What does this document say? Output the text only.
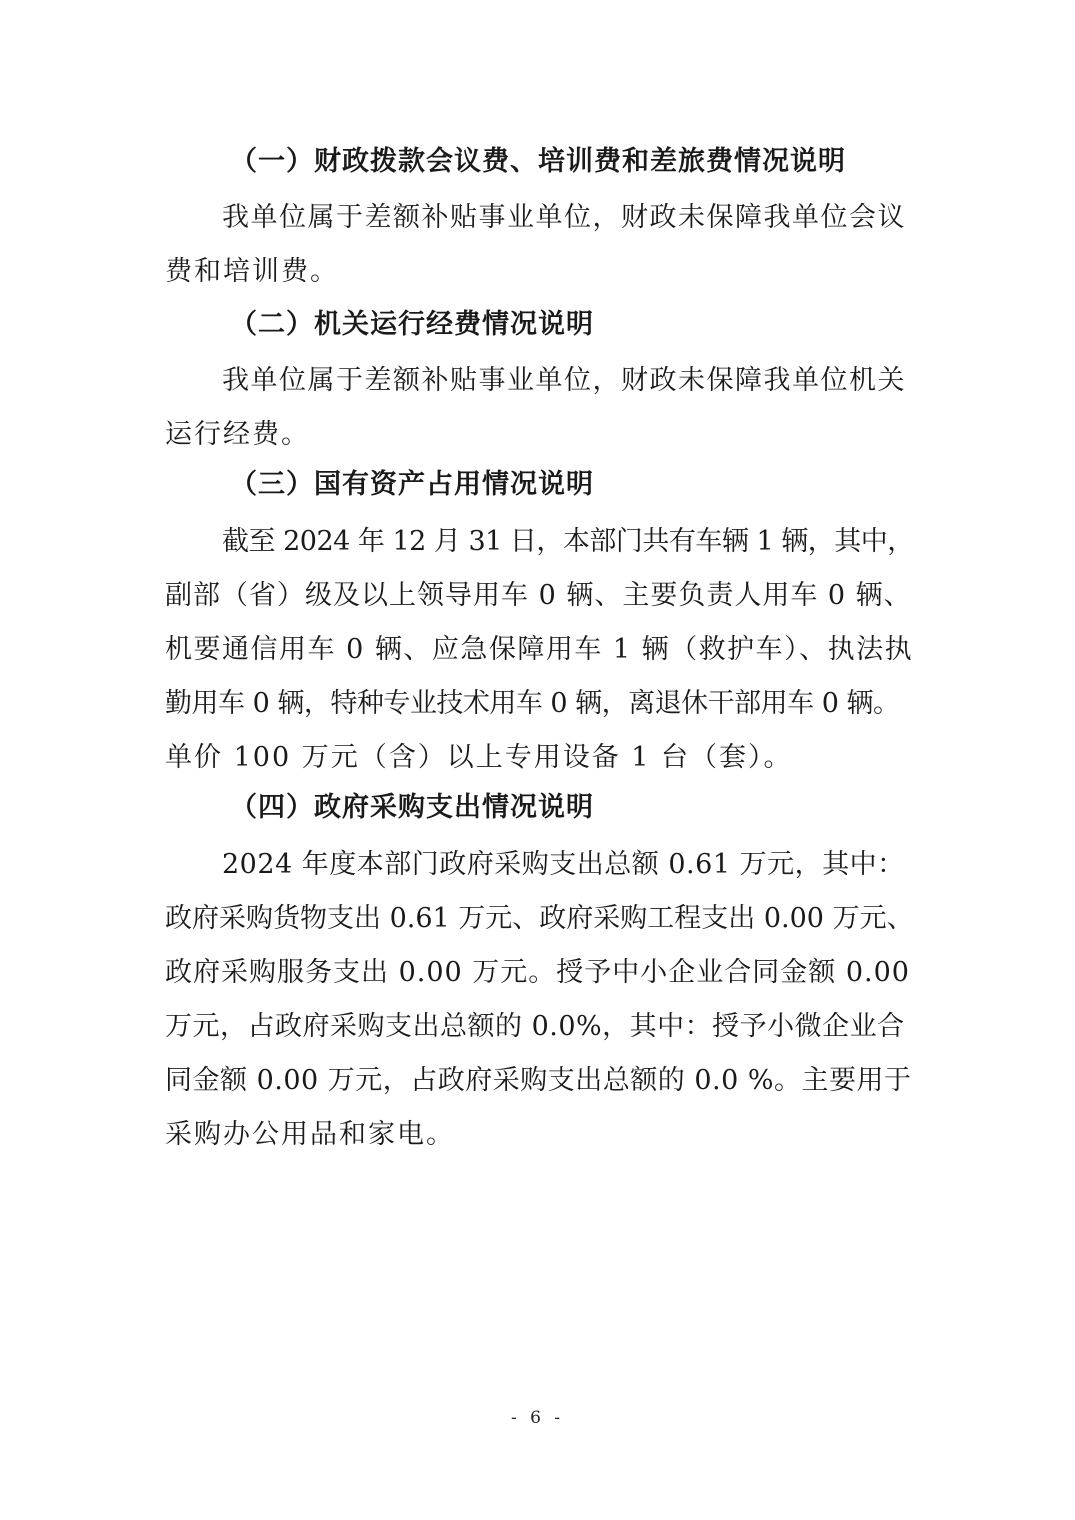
（一）财政拨款会议费、培训费和差旅费情况说明
我单位属于差额补贴事业单位，财政未保障我单位会议
费和培训费。
（二）机关运行经费情况说明
我单位属于差额补贴事业单位，财政未保障我单位机关
运行经费。
（三）国有资产占用情况说明
截至 2024 年 12 月 31 日，本部门共有车辆 1 辆，其中，
副部（省）级及以上领导用车 0 辆、主要负责人用车 0 辆、
机要通信用车 0 辆、应急保障用车 1 辆（救护车）、执法执
勤用车 0 辆，特种专业技术用车 0 辆，离退休干部用车 0 辆。
单价 100 万元（含）以上专用设备 1 台（套）。
（四）政府采购支出情况说明
2024 年度本部门政府采购支出总额 0.61 万元，其中：
政府采购货物支出 0.61 万元、政府采购工程支出 0.00 万元、
政府采购服务支出 0.00 万元。授予中小企业合同金额 0.00
万元，占政府采购支出总额的 0.0%，其中：授予小微企业合
同金额 0.00 万元，占政府采购支出总额的 0.0 %。主要用于
采购办公用品和家电。
- 6 -
